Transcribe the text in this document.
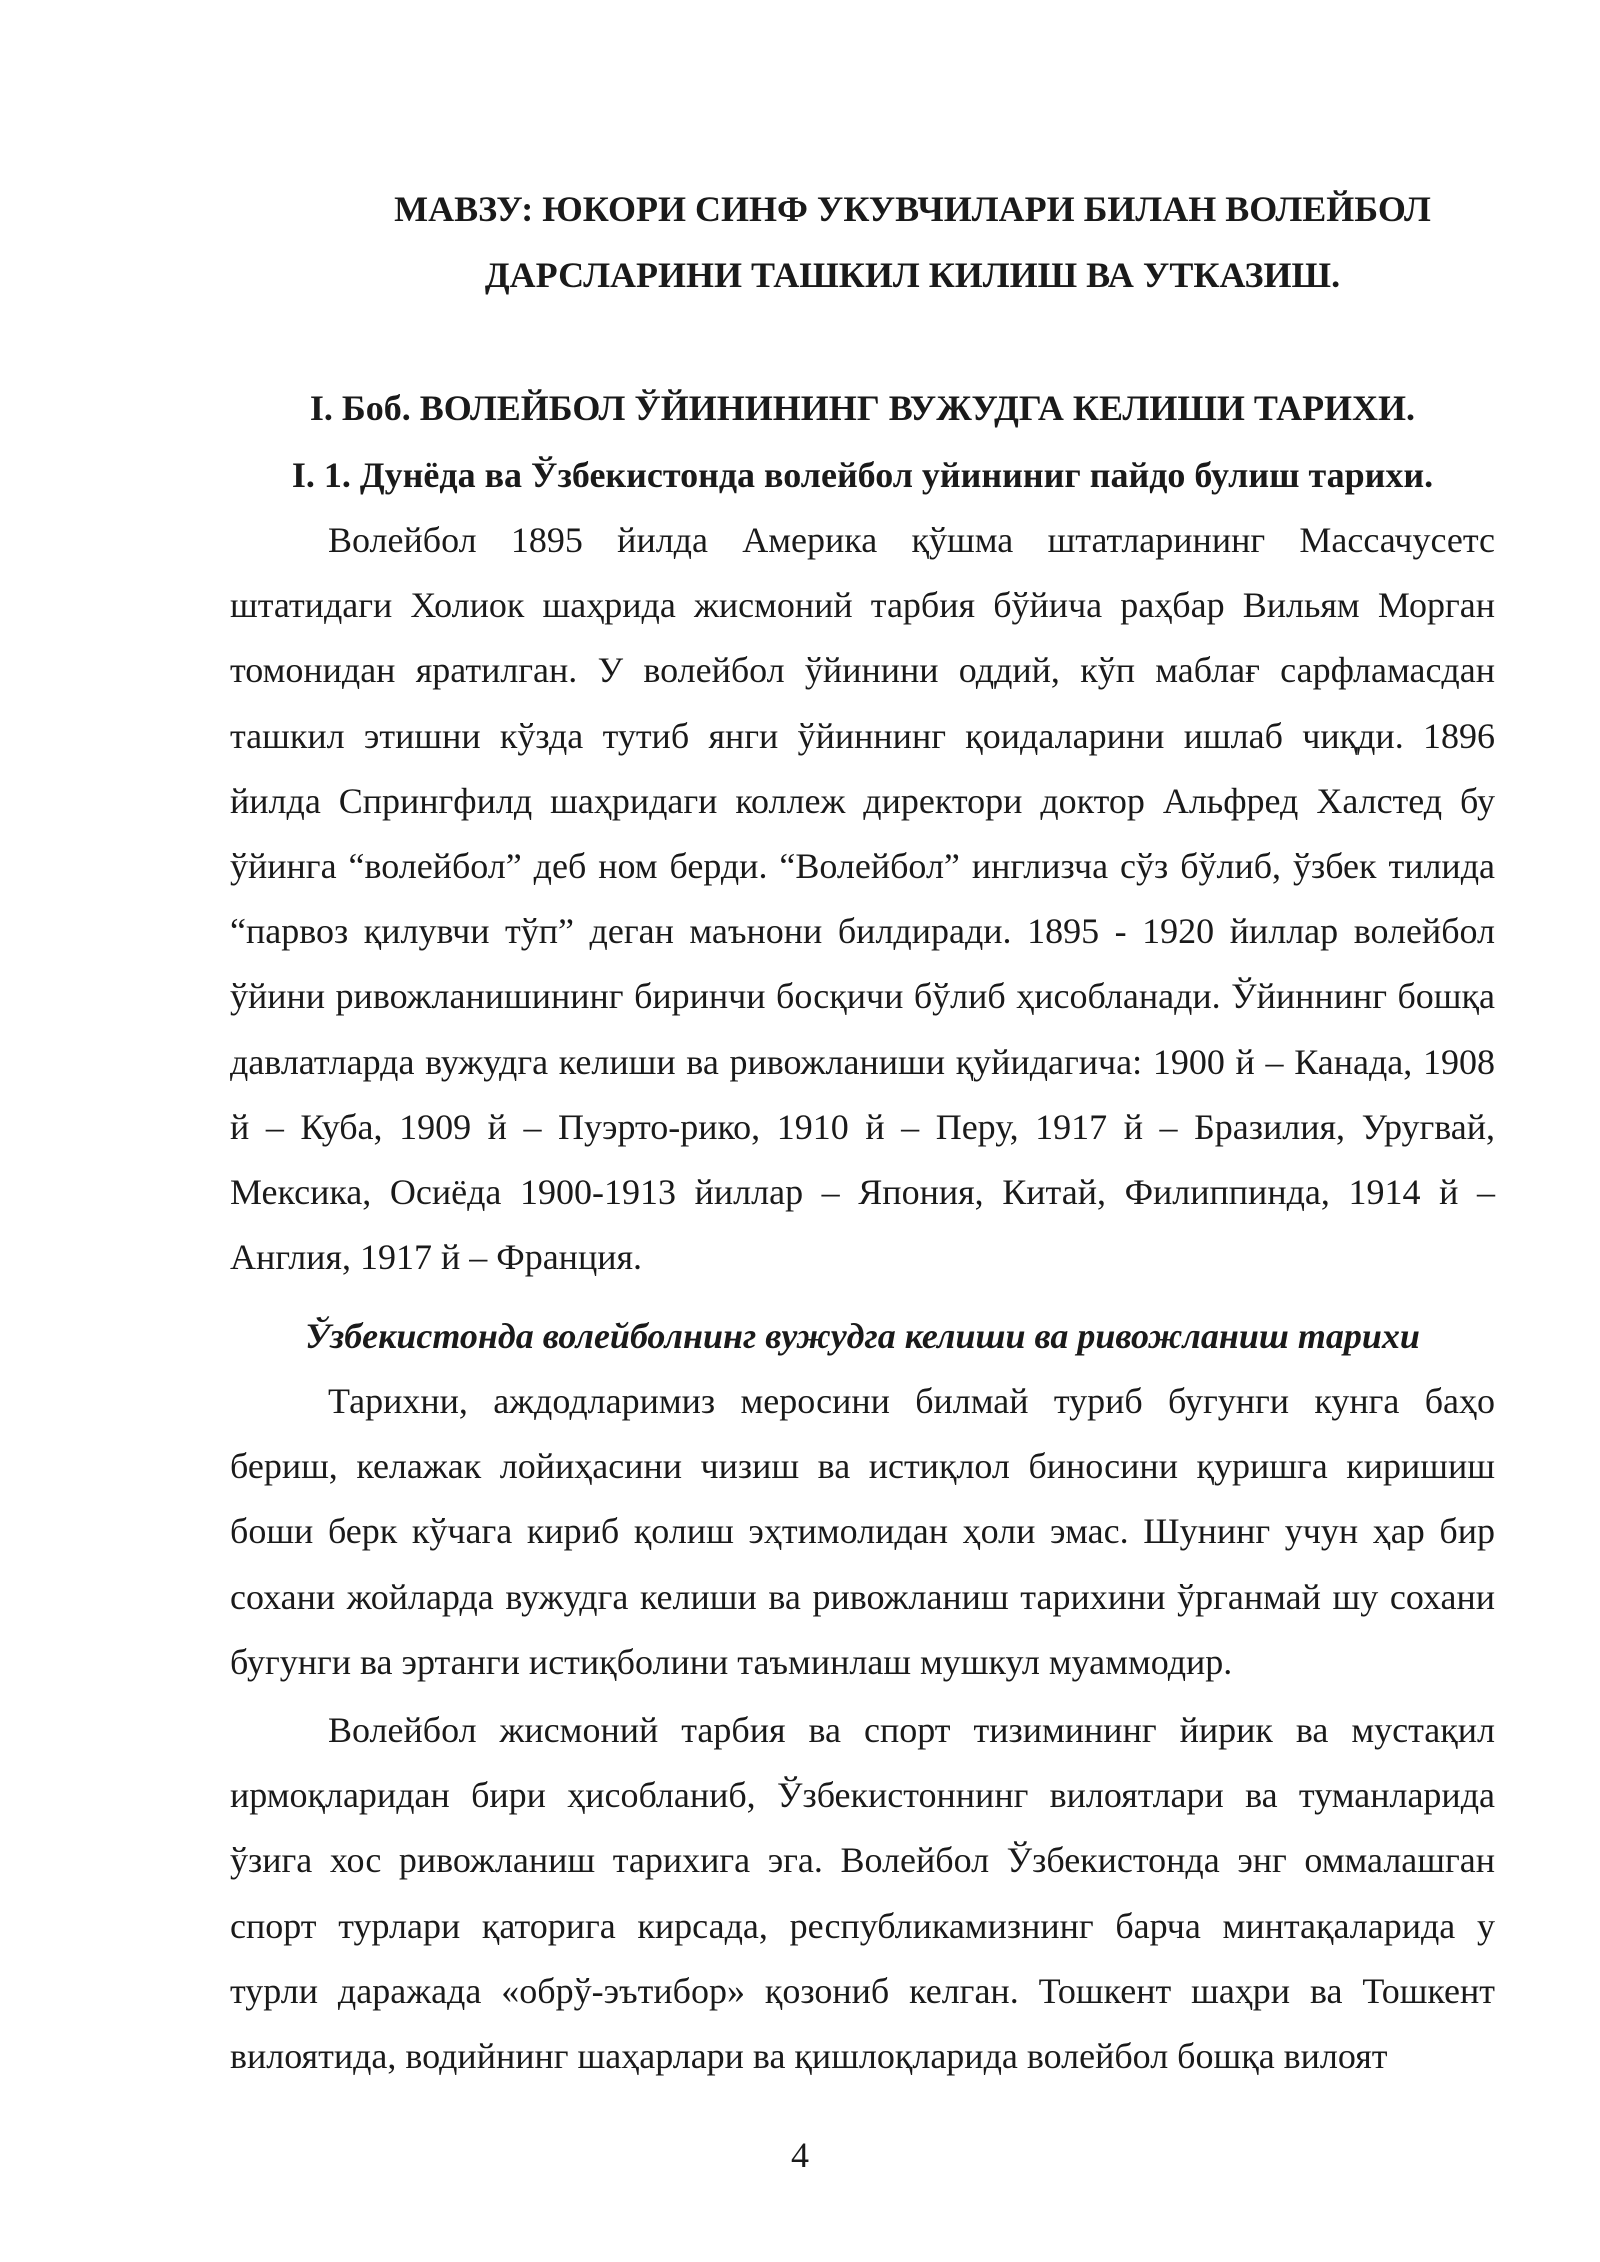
МАВЗУ: ЮКОРИ СИНФ УКУВЧИЛАРИ БИЛАН ВОЛЕЙБОЛ
ДАРСЛАРИНИ ТАШКИЛ КИЛИШ ВА УТКАЗИШ.
I. Боб. ВОЛЕЙБОЛ ЎЙИНИНИНГ ВУЖУДГА КЕЛИШИ ТАРИХИ.
I. 1. Дунёда ва Ўзбекистонда волейбол уйининиг пайдо булиш тарихи.

Волейбол 1895 йилда Америка қўшма штатларининг Массачусетс штатидаги Холиок шаҳрида жисмоний тарбия бўйича раҳбар Вильям Морган томонидан яратилган. У волейбол ўйинини оддий, кўп маблағ сарфламасдан ташкил этишни кўзда тутиб янги ўйиннинг қоидаларини ишлаб чиқди. 1896 йилда Спрингфилд шаҳридаги коллеж директори доктор Альфред Халстед бу ўйинга “волейбол” деб ном берди. “Волейбол” инглизча сўз бўлиб, ўзбек тилида “парвоз қилувчи тўп” деган маънони билдиради. 1895 - 1920 йиллар волейбол ўйини ривожланишининг биринчи босқичи бўлиб ҳисобланади. Ўйиннинг бошқа давлатларда вужудга келиши ва ривожланиши қуйидагича: 1900 й – Канада, 1908 й – Куба, 1909 й – Пуэрто-рико, 1910 й – Перу, 1917 й – Бразилия, Уругвай, Мексика, Осиёда 1900-1913 йиллар – Япония, Китай, Филиппинда, 1914 й – Англия, 1917 й – Франция.

Ўзбекистонда волейболнинг вужудга келиши ва ривожланиш тарихи

Тарихни, аждодларимиз меросини билмай туриб бугунги кунга баҳо бериш, келажак лойиҳасини чизиш ва истиқлол биносини қуришга киришиш боши берк кўчага кириб қолиш эҳтимолидан ҳоли эмас. Шунинг учун ҳар бир сохани жойларда вужудга келиши ва ривожланиш тарихини ўрганмай шу сохани бугунги ва эртанги истиқболини таъминлаш мушкул муаммодир.

Волейбол жисмоний тарбия ва спорт тизимининг йирик ва мустақил ирмоқларидан бири ҳисобланиб, Ўзбекистоннинг вилоятлари ва туманларида ўзига хос ривожланиш тарихига эга. Волейбол Ўзбекистонда энг оммалашган спорт турлари қаторига кирсада, республикамизнинг барча минтақаларида у турли даражада «обрў-эътибор» қозониб келган. Тошкент шаҳри ва Тошкент вилоятида, водийнинг шаҳарлари ва қишлоқларида волейбол бошқа вилоят

4
